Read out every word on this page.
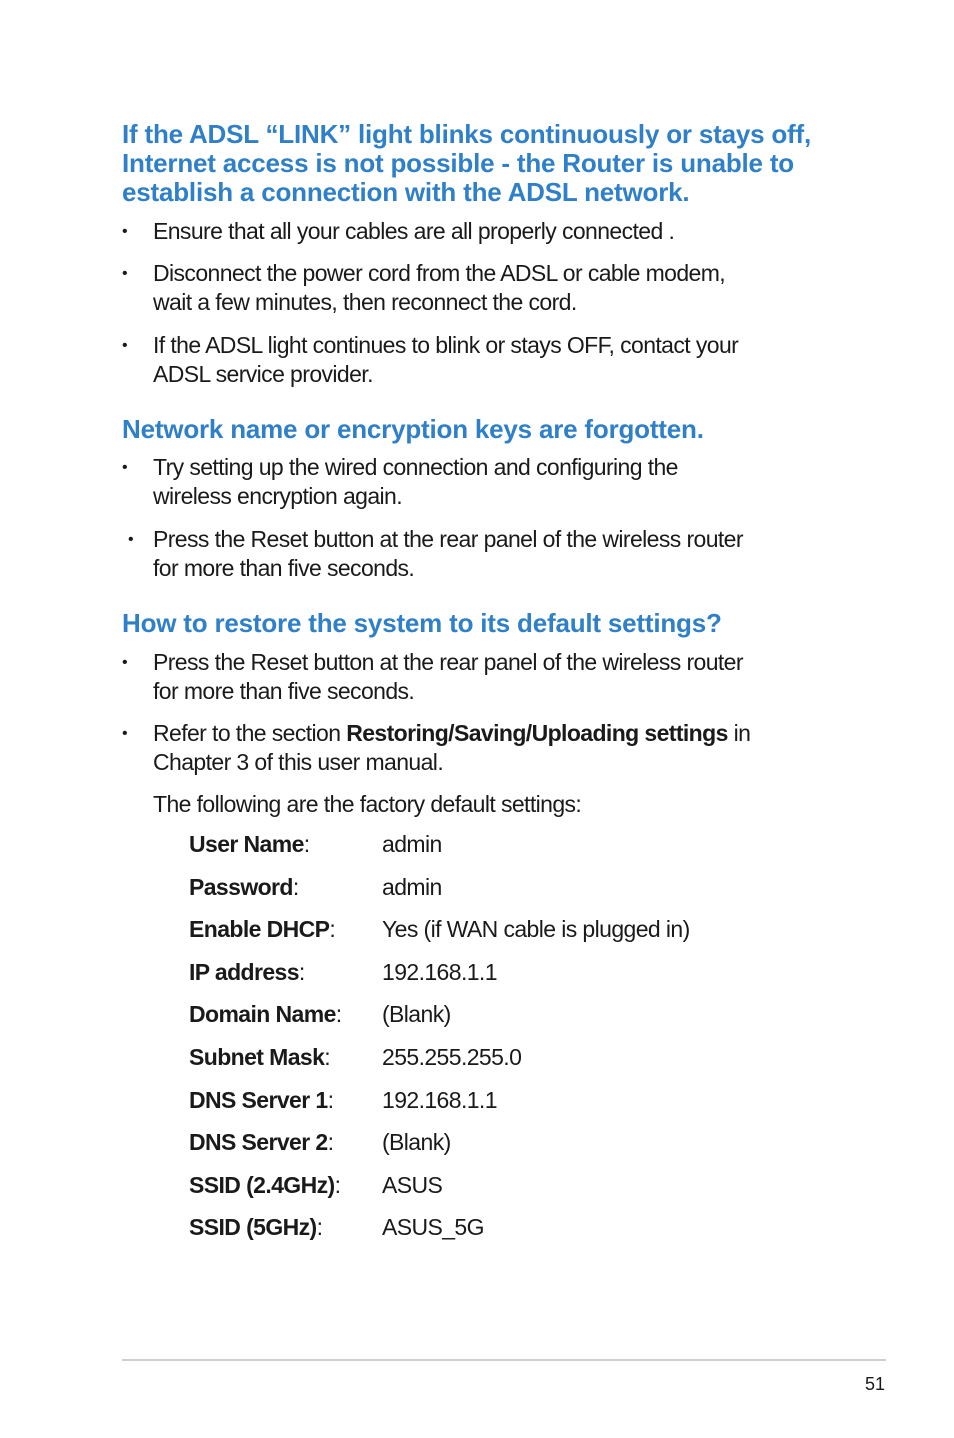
If the ADSL “LINK” light blinks continuously or stays off,
Internet access is not possible - the Router is unable to
establish a connection with the ADSL network.
•	Ensure that all your cables are all properly connected .
•	Disconnect the power cord from the ADSL or cable modem,
wait a few minutes, then reconnect the cord.
•	If the ADSL light continues to blink or stays OFF, contact your
ADSL service provider.
Network name or encryption keys are forgotten.
•	Try setting up the wired connection and configuring the
wireless encryption again.
• Press the Reset button at the rear panel of the wireless router
for more than five seconds.
How to restore the system to its default settings?
•	Press the Reset button at the rear panel of the wireless router
for more than five seconds.
•	Refer to the section Restoring/Saving/Uploading settings in
Chapter 3 of this user manual.
The following are the factory default settings:
User Name:	admin
Password:	admin
Enable DHCP: Yes (if WAN cable is plugged in)
IP address:	192.168.1.1
Domain Name: (Blank)
Subnet Mask: 255.255.255.0
DNS Server 1: 192.168.1.1
DNS Server 2: (Blank)
SSID (2.4GHz): ASUS
SSID (5GHz):	ASUS_5G
51
